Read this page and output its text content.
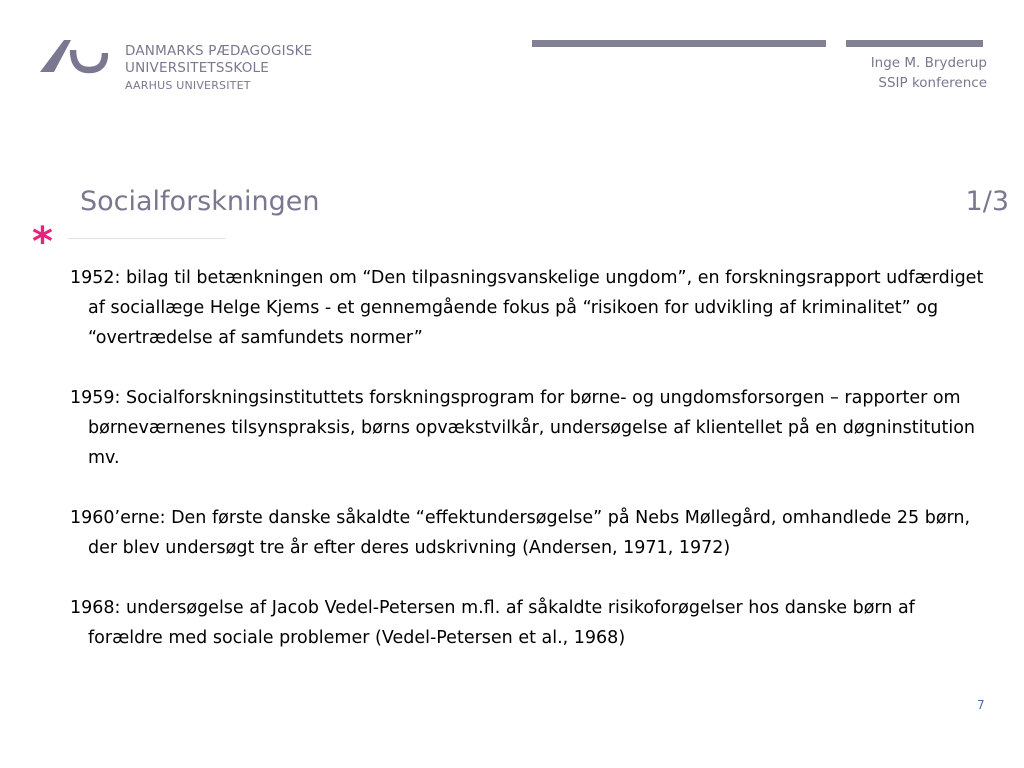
DANMARKS PÆDAGOGISKE
UNIVERSITETSSKOLE
AARHUS UNIVERSITET
Inge M. Bryderup
SSIP konference
Socialforskningen	1/3
*

1952: bilag til betænkningen om “Den tilpasningsvanskelige ungdom”, en forskningsrapport udfærdiget af sociallæge Helge Kjems - et gennemgående fokus på “risikoen for udvikling af kriminalitet” og “overtrædelse af samfundets normer”

1959: Socialforskningsinstituttets forskningsprogram for børne- og ungdomsforsorgen – rapporter om børneværnenes tilsynspraksis, børns opvækstvilkår, undersøgelse af klientellet på en døgninstitution mv.

1960’erne: Den første danske såkaldte “effektundersøgelse” på Nebs Møllegård, omhandlede 25 børn, der blev undersøgt tre år efter deres udskrivning (Andersen, 1971, 1972)

1968: undersøgelse af Jacob Vedel-Petersen m.fl. af såkaldte risikoforøgelser hos danske børn af forældre med sociale problemer (Vedel-Petersen et al., 1968)

7
